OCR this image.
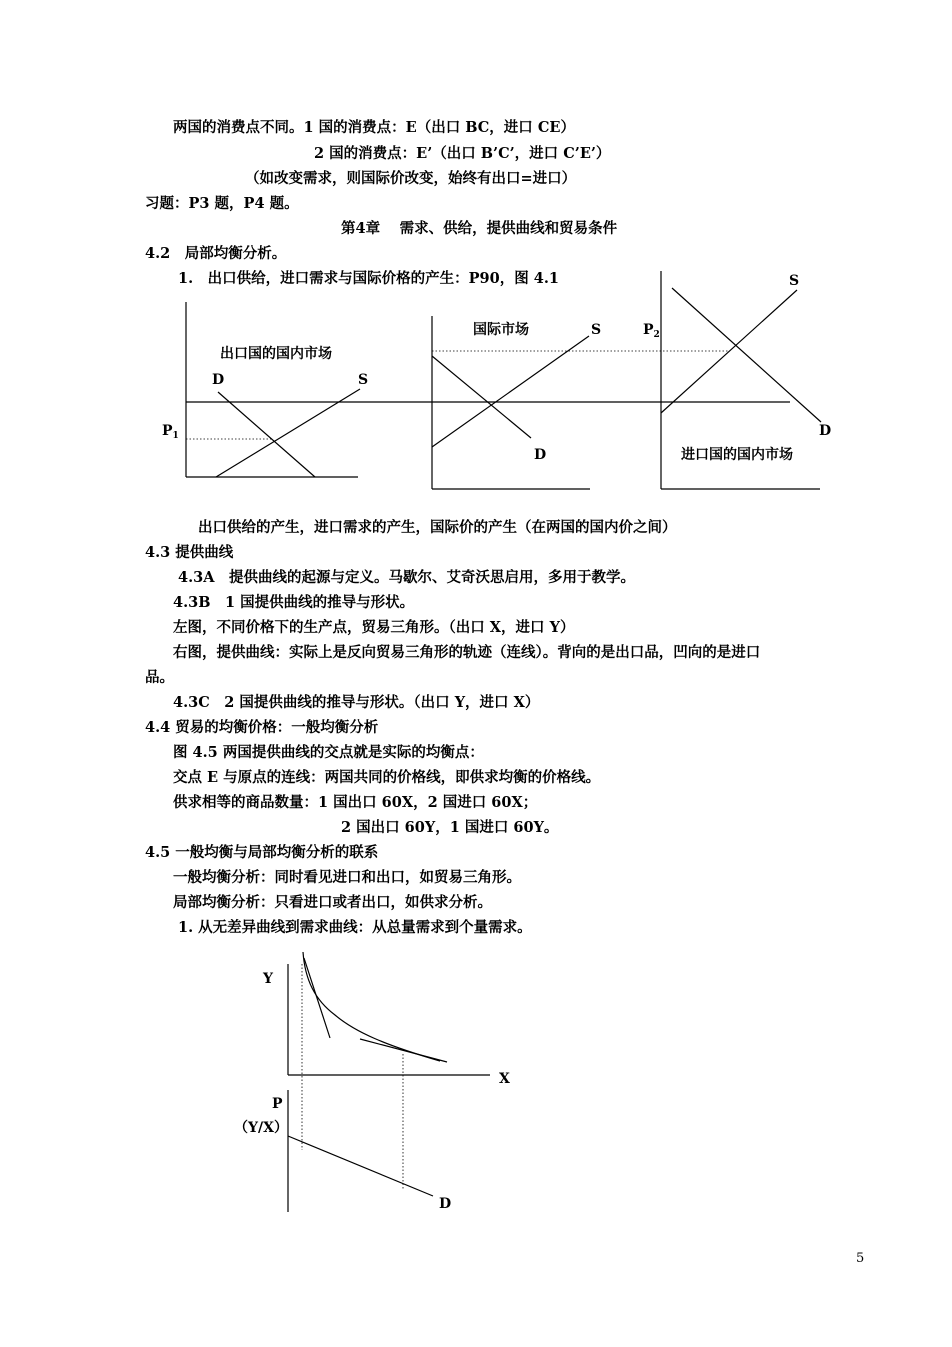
两国的消费点不同。1 国的消费点：E（出口 BC，进口 CE）
2 国的消费点：E’（出口 B’C’，进口 C’E’）
（如改变需求，则国际价改变，始终有出口=进口）
习题：P3 题，P4 题。
第4章　 需求、供给，提供曲线和贸易条件
4.2　局部均衡分析。
1.　出口供给，进口需求与国际价格的产生：P90，图 4.1
出口国的国内市场
D	S
$P_1$
国际市场	S
D
$P_2$
S
D
进口国的国内市场
出口供给的产生，进口需求的产生，国际价的产生（在两国的国内价之间）
4.3 提供曲线
4.3A　提供曲线的起源与定义。马歇尔、艾奇沃思启用，多用于教学。
4.3B　1 国提供曲线的推导与形状。
左图，不同价格下的生产点，贸易三角形。（出口 X，进口 Y）
右图，提供曲线：实际上是反向贸易三角形的轨迹（连线）。背向的是出口品，凹向的是进口
品。
4.3C　2 国提供曲线的推导与形状。（出口 Y，进口 X）
4.4 贸易的均衡价格：一般均衡分析
图 4.5 两国提供曲线的交点就是实际的均衡点：
交点 E 与原点的连线：两国共同的价格线，即供求均衡的价格线。
供求相等的商品数量：1 国出口 60X，2 国进口 60X；
2 国出口 60Y，1 国进口 60Y。
4.5 一般均衡与局部均衡分析的联系
一般均衡分析：同时看见进口和出口，如贸易三角形。
局部均衡分析：只看进口或者出口，如供求分析。
1. 从无差异曲线到需求曲线：从总量需求到个量需求。
Y
X
P
（Y/X）
D
5
